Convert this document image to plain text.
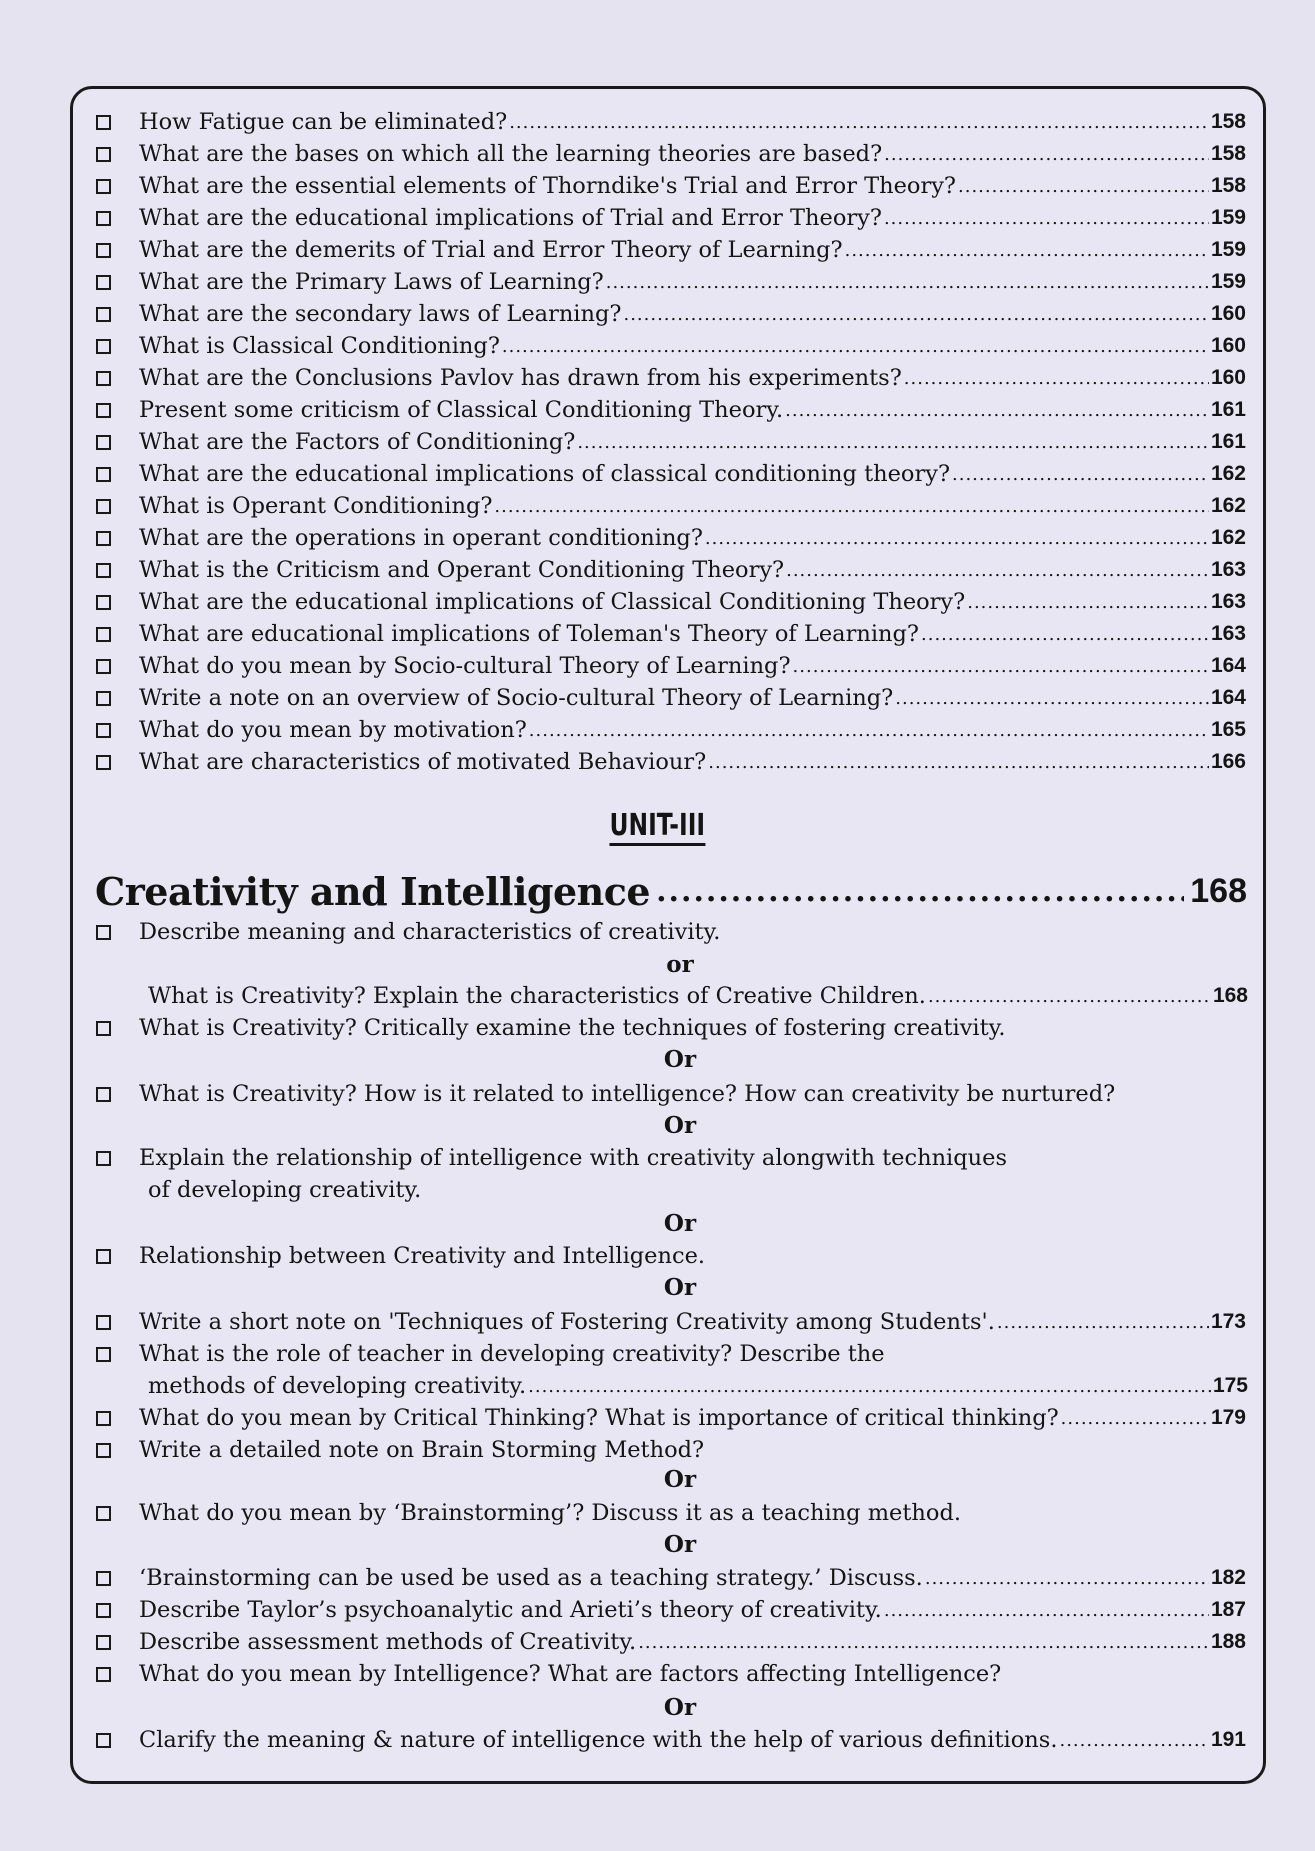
How Fatigue can be eliminated? .....	158
What are the bases on which all the learning theories are based? .....	158
What are the essential elements of Thorndike's Trial and Error Theory? .....	158
What are the educational implications of Trial and Error Theory? .....	159
What are the demerits of Trial and Error Theory of Learning? .....	159
What are the Primary Laws of Learning? .....	159
What are the secondary laws of Learning? .....	160
What is Classical Conditioning? .....	160
What are the Conclusions Pavlov has drawn from his experiments? .....	160
Present some criticism of Classical Conditioning Theory. .....	161
What are the Factors of Conditioning? .....	161
What are the educational implications of classical conditioning theory? .....	162
What is Operant Conditioning? .....	162
What are the operations in operant conditioning? .....	162
What is the Criticism and Operant Conditioning Theory? .....	163
What are the educational implications of Classical Conditioning Theory? .....	163
What are educational implications of Toleman's Theory of Learning? .....	163
What do you mean by Socio-cultural Theory of Learning? .....	164
Write a note on an overview of Socio-cultural Theory of Learning? .....	164
What do you mean by motivation? .....	165
What are characteristics of motivated Behaviour? .....	166
UNIT-III
Creativity and Intelligence .....	168
Describe meaning and characteristics of creativity.
or
What is Creativity? Explain the characteristics of Creative Children. .....	168
What is Creativity? Critically examine the techniques of fostering creativity.
Or
What is Creativity? How is it related to intelligence? How can creativity be nurtured?
Or
Explain the relationship of intelligence with creativity alongwith techniques
of developing creativity.
Or
Relationship between Creativity and Intelligence.
Or
Write a short note on 'Techniques of Fostering Creativity among Students'. .....	173
What is the role of teacher in developing creativity? Describe the
methods of developing creativity. .....	175
What do you mean by Critical Thinking? What is importance of critical thinking? .....	179
Write a detailed note on Brain Storming Method?
Or
What do you mean by ‘Brainstorming’? Discuss it as a teaching method.
Or
‘Brainstorming can be used be used as a teaching strategy.’ Discuss. .....	182
Describe Taylor’s psychoanalytic and Arieti’s theory of creativity. .....	187
Describe assessment methods of Creativity. .....	188
What do you mean by Intelligence? What are factors affecting Intelligence?
Or
Clarify the meaning & nature of intelligence with the help of various definitions. .....	191
